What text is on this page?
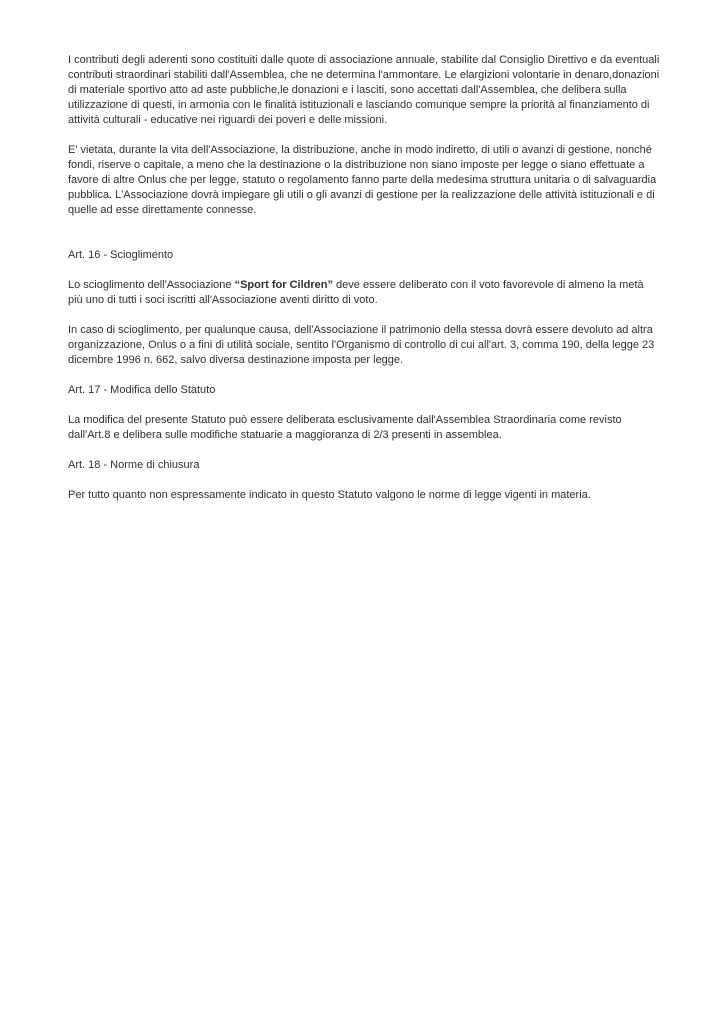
I contributi degli aderenti sono costituiti dalle quote di associazione annuale, stabilite dal Consiglio Direttivo e da eventuali contributi straordinari stabiliti dall'Assemblea, che ne determina l'ammontare. Le elargizioni volontarie in denaro,donazioni di materiale sportivo atto ad aste pubbliche,le donazioni e i lasciti, sono accettati dall'Assemblea, che delibera sulla utilizzazione di questi, in armonia con le finalità istituzionali e lasciando comunque sempre la priorità al finanziamento di attività culturali - educative nei riguardi dei poveri e delle missioni.

E' vietata, durante la vita dell'Associazione, la distribuzione, anche in modo indiretto, di utili o avanzi di gestione, nonché fondi, riserve o capitale, a meno che la destinazione o la distribuzione non siano imposte per legge o siano effettuate a favore di altre Onlus che per legge, statuto o regolamento fanno parte della medesima struttura unitaria o di salvaguardia pubblica. L'Associazione dovrà impiegare gli utili o gli avanzi di gestione per la realizzazione delle attività istituzionali e di quelle ad esse direttamente connesse.

Art. 16 - Scioglimento

Lo scioglimento dell'Associazione “Sport for Cildren” deve essere deliberato con il voto favorevole di almeno la metà più uno di tutti i soci iscritti all'Associazione aventi diritto di voto.

In caso di scioglimento, per qualunque causa, dell'Associazione il patrimonio della stessa dovrà essere devoluto ad altra organizzazione, Onlus o a fini di utilità sociale, sentito l'Organismo di controllo di cui all'art. 3, comma 190, della legge 23 dicembre 1996 n. 662, salvo diversa destinazione imposta per legge.

Art. 17 - Modifica dello Statuto

La modifica del presente Statuto può essere deliberata esclusivamente dall'Assemblea Straordinaria come revisto dall'Art.8 e delibera sulle modifiche statuarie a maggioranza di 2/3 presenti in assemblea.

Art. 18 - Norme di chiusura

Per tutto quanto non espressamente indicato in questo Statuto valgono le norme di legge vigenti in materia.
